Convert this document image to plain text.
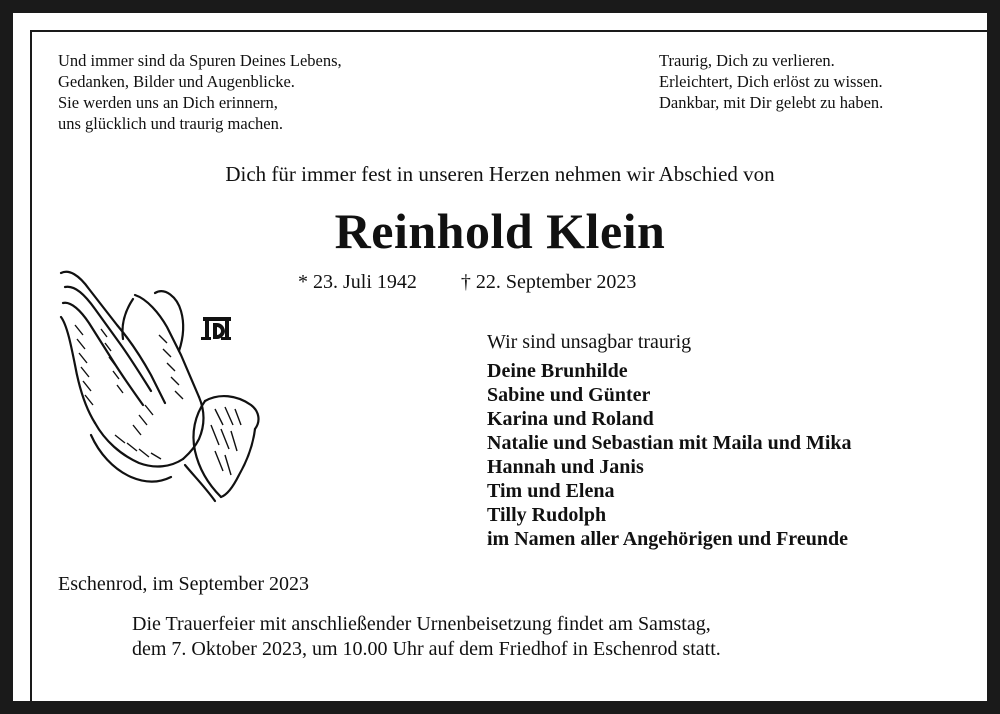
Und immer sind da Spuren Deines Lebens,
Gedanken, Bilder und Augenblicke.
Sie werden uns an Dich erinnern,
uns glücklich und traurig machen.
Traurig, Dich zu verlieren.
Erleichtert, Dich erlöst zu wissen.
Dankbar, mit Dir gelebt zu haben.
Dich für immer fest in unseren Herzen nehmen wir Abschied von
Reinhold Klein
* 23. Juli 1942 † 22. September 2023
Wir sind unsagbar traurig
Deine Brunhilde
Sabine und Günter
Karina und Roland
Natalie und Sebastian mit Maila und Mika
Hannah und Janis
Tim und Elena
Tilly Rudolph
im Namen aller Angehörigen und Freunde
Eschenrod, im September 2023
Die Trauerfeier mit anschließender Urnenbeisetzung findet am Samstag,
dem 7. Oktober 2023, um 10.00 Uhr auf dem Friedhof in Eschenrod statt.
